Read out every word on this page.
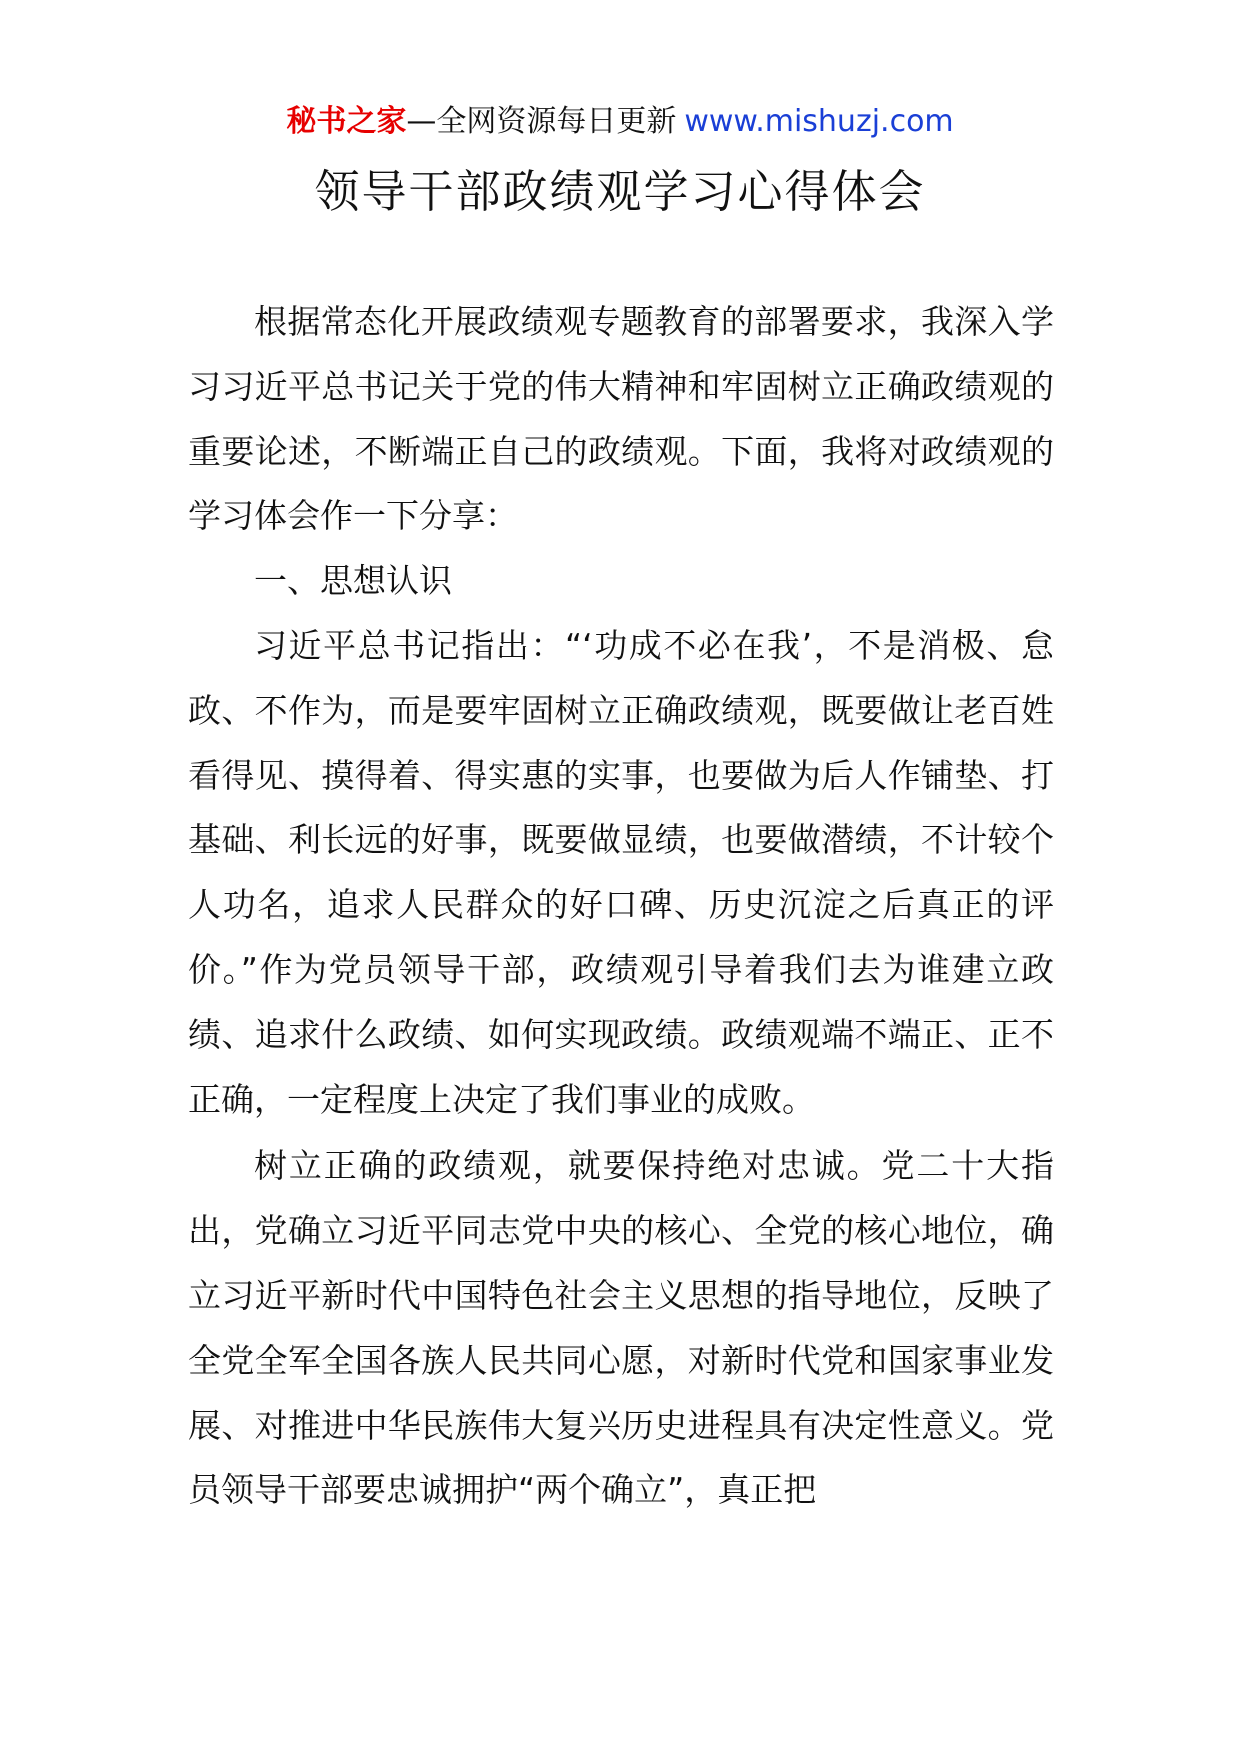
秘书之家—全网资源每日更新 www.mishuzj.com
领导干部政绩观学习心得体会

根据常态化开展政绩观专题教育的部署要求，我深入学习习近平总书记关于党的伟大精神和牢固树立正确政绩观的重要论述，不断端正自己的政绩观。下面，我将对政绩观的学习体会作一下分享：

一、思想认识

习近平总书记指出：“‘功成不必在我’，不是消极、怠政、不作为，而是要牢固树立正确政绩观，既要做让老百姓看得见、摸得着、得实惠的实事，也要做为后人作铺垫、打基础、利长远的好事，既要做显绩，也要做潜绩，不计较个人功名，追求人民群众的好口碑、历史沉淀之后真正的评价。”作为党员领导干部，政绩观引导着我们去为谁建立政绩、追求什么政绩、如何实现政绩。政绩观端不端正、正不正确，一定程度上决定了我们事业的成败。

树立正确的政绩观，就要保持绝对忠诚。党二十大指出，党确立习近平同志党中央的核心、全党的核心地位，确立习近平新时代中国特色社会主义思想的指导地位，反映了全党全军全国各族人民共同心愿，对新时代党和国家事业发展、对推进中华民族伟大复兴历史进程具有决定性意义。党员领导干部要忠诚拥护“两个确立”，真正把
